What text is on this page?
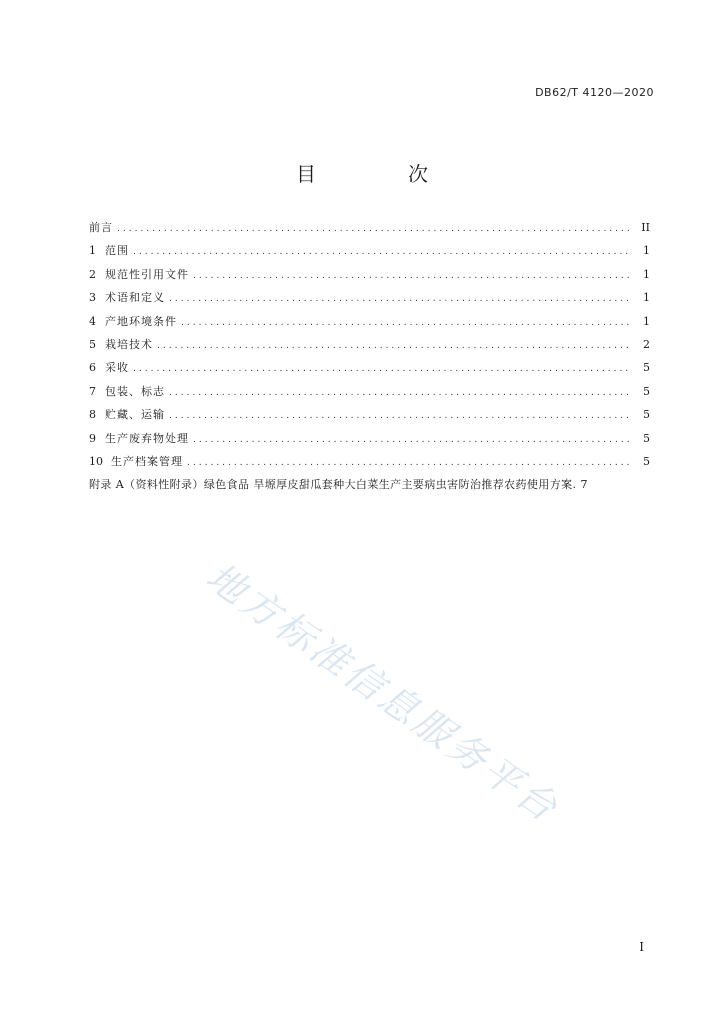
DB62/T 4120—2020
目　次
前言 .....	II
1 范围 .....	1
2 规范性引用文件 .....	1
3 术语和定义 .....	1
4 产地环境条件 .....	1
5 栽培技术 .....	2
6 采收 .....	5
7 包装、标志 .....	5
8 贮藏、运输 .....	5
9 生产废弃物处理 .....	5
10 生产档案管理 .....	5
附录 A（资料性附录）绿色食品 旱塬厚皮甜瓜套种大白菜生产主要病虫害防治推荐农药使用方案. 7
地方标准信息服务平台
I
